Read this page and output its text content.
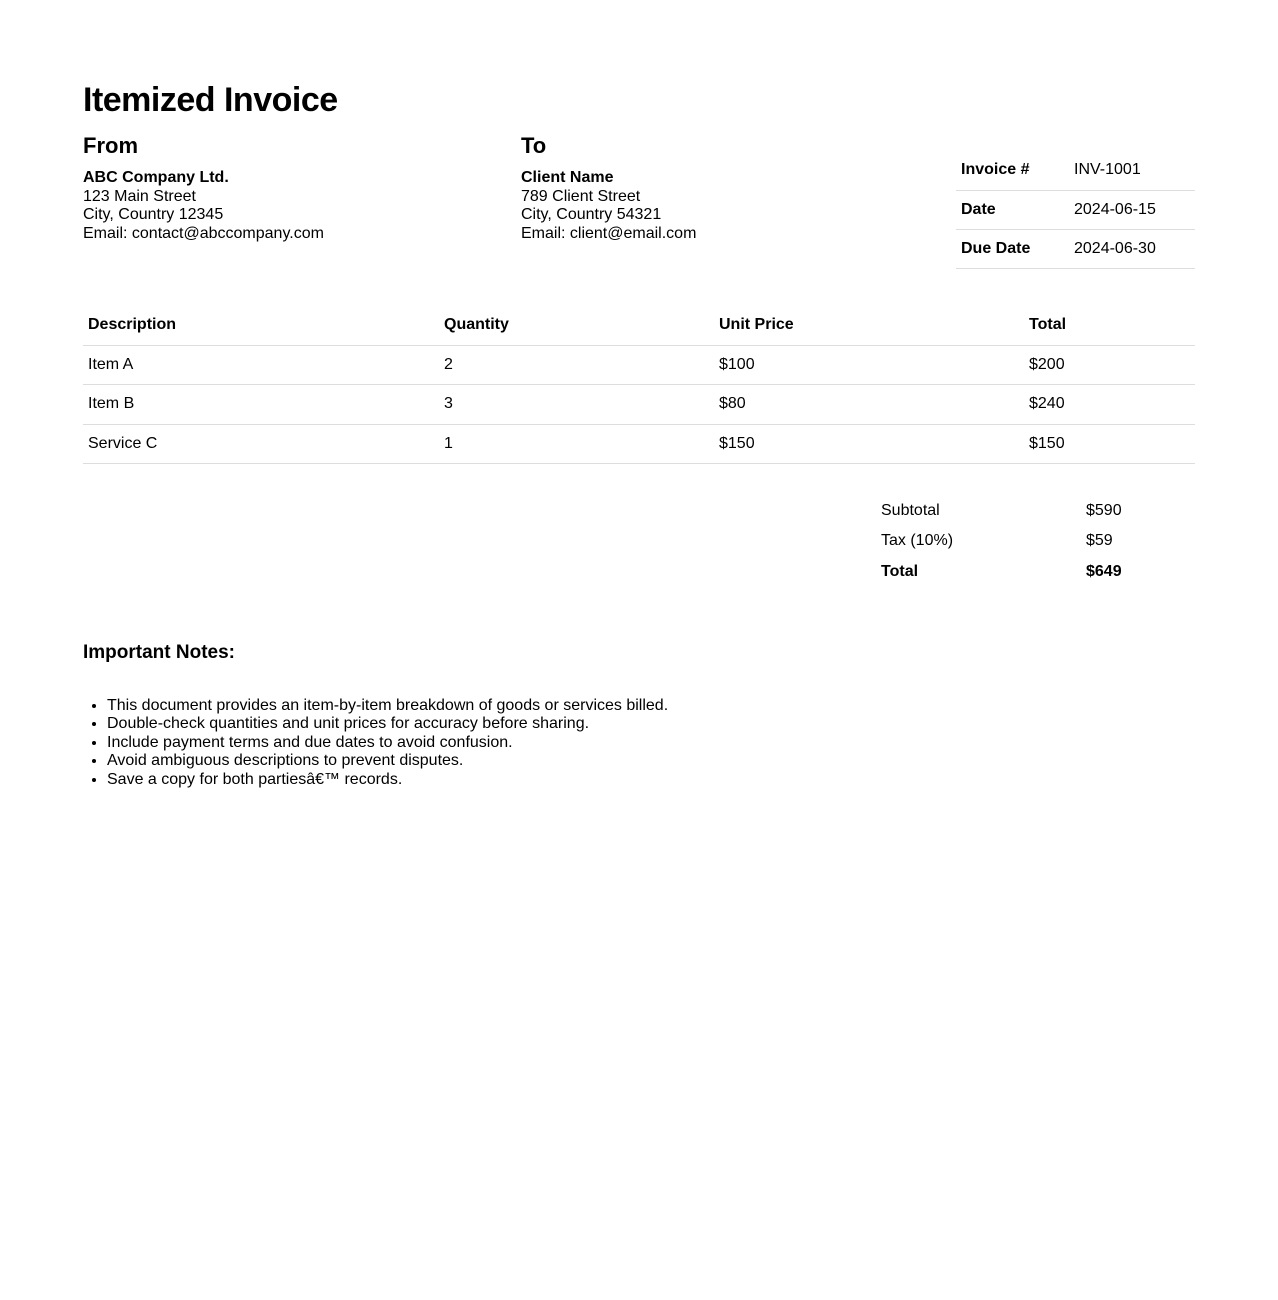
Itemized Invoice
From
ABC Company Ltd.
123 Main Street
City, Country 12345
Email: contact@abccompany.com
To
Client Name
789 Client Street
City, Country 54321
Email: client@email.com
Invoice #	INV-1001
Date	2024-06-15
Due Date	2024-06-30
Description	Quantity	Unit Price	Total
Item A	2	$100	$200
Item B	3	$80	$240
Service C	1	$150	$150
Subtotal	$590
Tax (10%)	$59
Total	$649
Important Notes:
• This document provides an item-by-item breakdown of goods or services billed.
• Double-check quantities and unit prices for accuracy before sharing.
• Include payment terms and due dates to avoid confusion.
• Avoid ambiguous descriptions to prevent disputes.
• Save a copy for both partiesâ€™ records.
